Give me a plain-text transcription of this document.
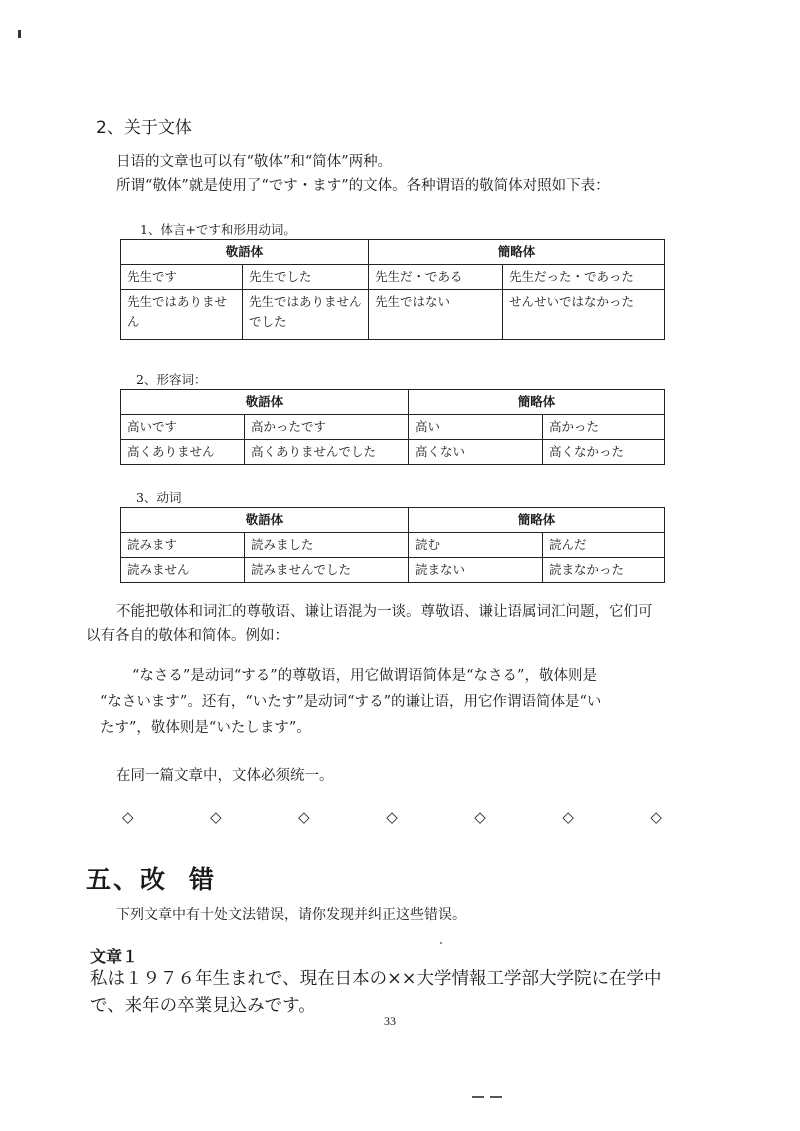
2、关于文体
日语的文章也可以有“敬体”和“简体”两种。
所谓“敬体”就是使用了“です・ます”的文体。各种谓语的敬简体对照如下表：
1、体言+です和形用动词。
敬語体		簡略体	
先生です	先生でした	先生だ・である	先生だった・であった
先生ではありません	先生ではありませんでした	先生ではない	せんせいではなかった
2、形容词：
敬語体		簡略体	
高いです	高かったです	高い	高かった
高くありません	高くありませんでした	高くない	高くなかった
3、动词
敬語体		簡略体	
読みます	読みました	読む	読んだ
読みません	読みませんでした	読まない	読まなかった
不能把敬体和词汇的尊敬语、谦让语混为一谈。尊敬语、谦让语属词汇问题，它们可
以有各自的敬体和简体。例如：
“なさる”是动词“する”的尊敬语，用它做谓语简体是“なさる”，敬体则是
“なさいます”。还有，“いたす”是动词“する”的谦让语，用它作谓语简体是“い
たす”，敬体则是“いたします”。
在同一篇文章中，文体必须统一。
◇	◇	◇	◇	◇	◇	◇
五、改 错
下列文章中有十处文法错误，请你发现并纠正这些错误。
文章１
私は１９７６年生まれで、現在日本の××大学情報工学部大学院に在学中
で、来年の卒業見込みです。
33
